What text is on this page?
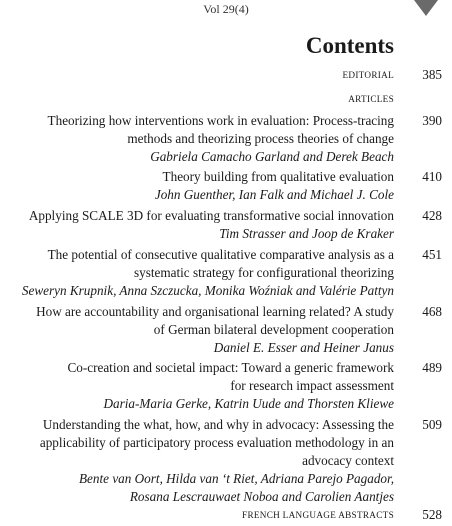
Vol 29(4)
Contents
EDITORIAL	385
ARTICLES
Theorizing how interventions work in evaluation: Process-tracing
methods and theorizing process theories of change
Gabriela Camacho Garland and Derek Beach
390
Theory building from qualitative evaluation
John Guenther, Ian Falk and Michael J. Cole
410
Applying SCALE 3D for evaluating transformative social innovation
Tim Strasser and Joop de Kraker
428
The potential of consecutive qualitative comparative analysis as a
systematic strategy for configurational theorizing
Seweryn Krupnik, Anna Szczucka, Monika Woźniak and Valérie Pattyn
451
How are accountability and organisational learning related? A study
of German bilateral development cooperation
Daniel E. Esser and Heiner Janus
468
Co-creation and societal impact: Toward a generic framework
for research impact assessment
Daria-Maria Gerke, Katrin Uude and Thorsten Kliewe
489
Understanding the what, how, and why in advocacy: Assessing the
applicability of participatory process evaluation methodology in an
advocacy context
Bente van Oort, Hilda van ‘t Riet, Adriana Parejo Pagador,
Rosana Lescrauwaet Noboa and Carolien Aantjes
509
FRENCH LANGUAGE ABSTRACTS	528
